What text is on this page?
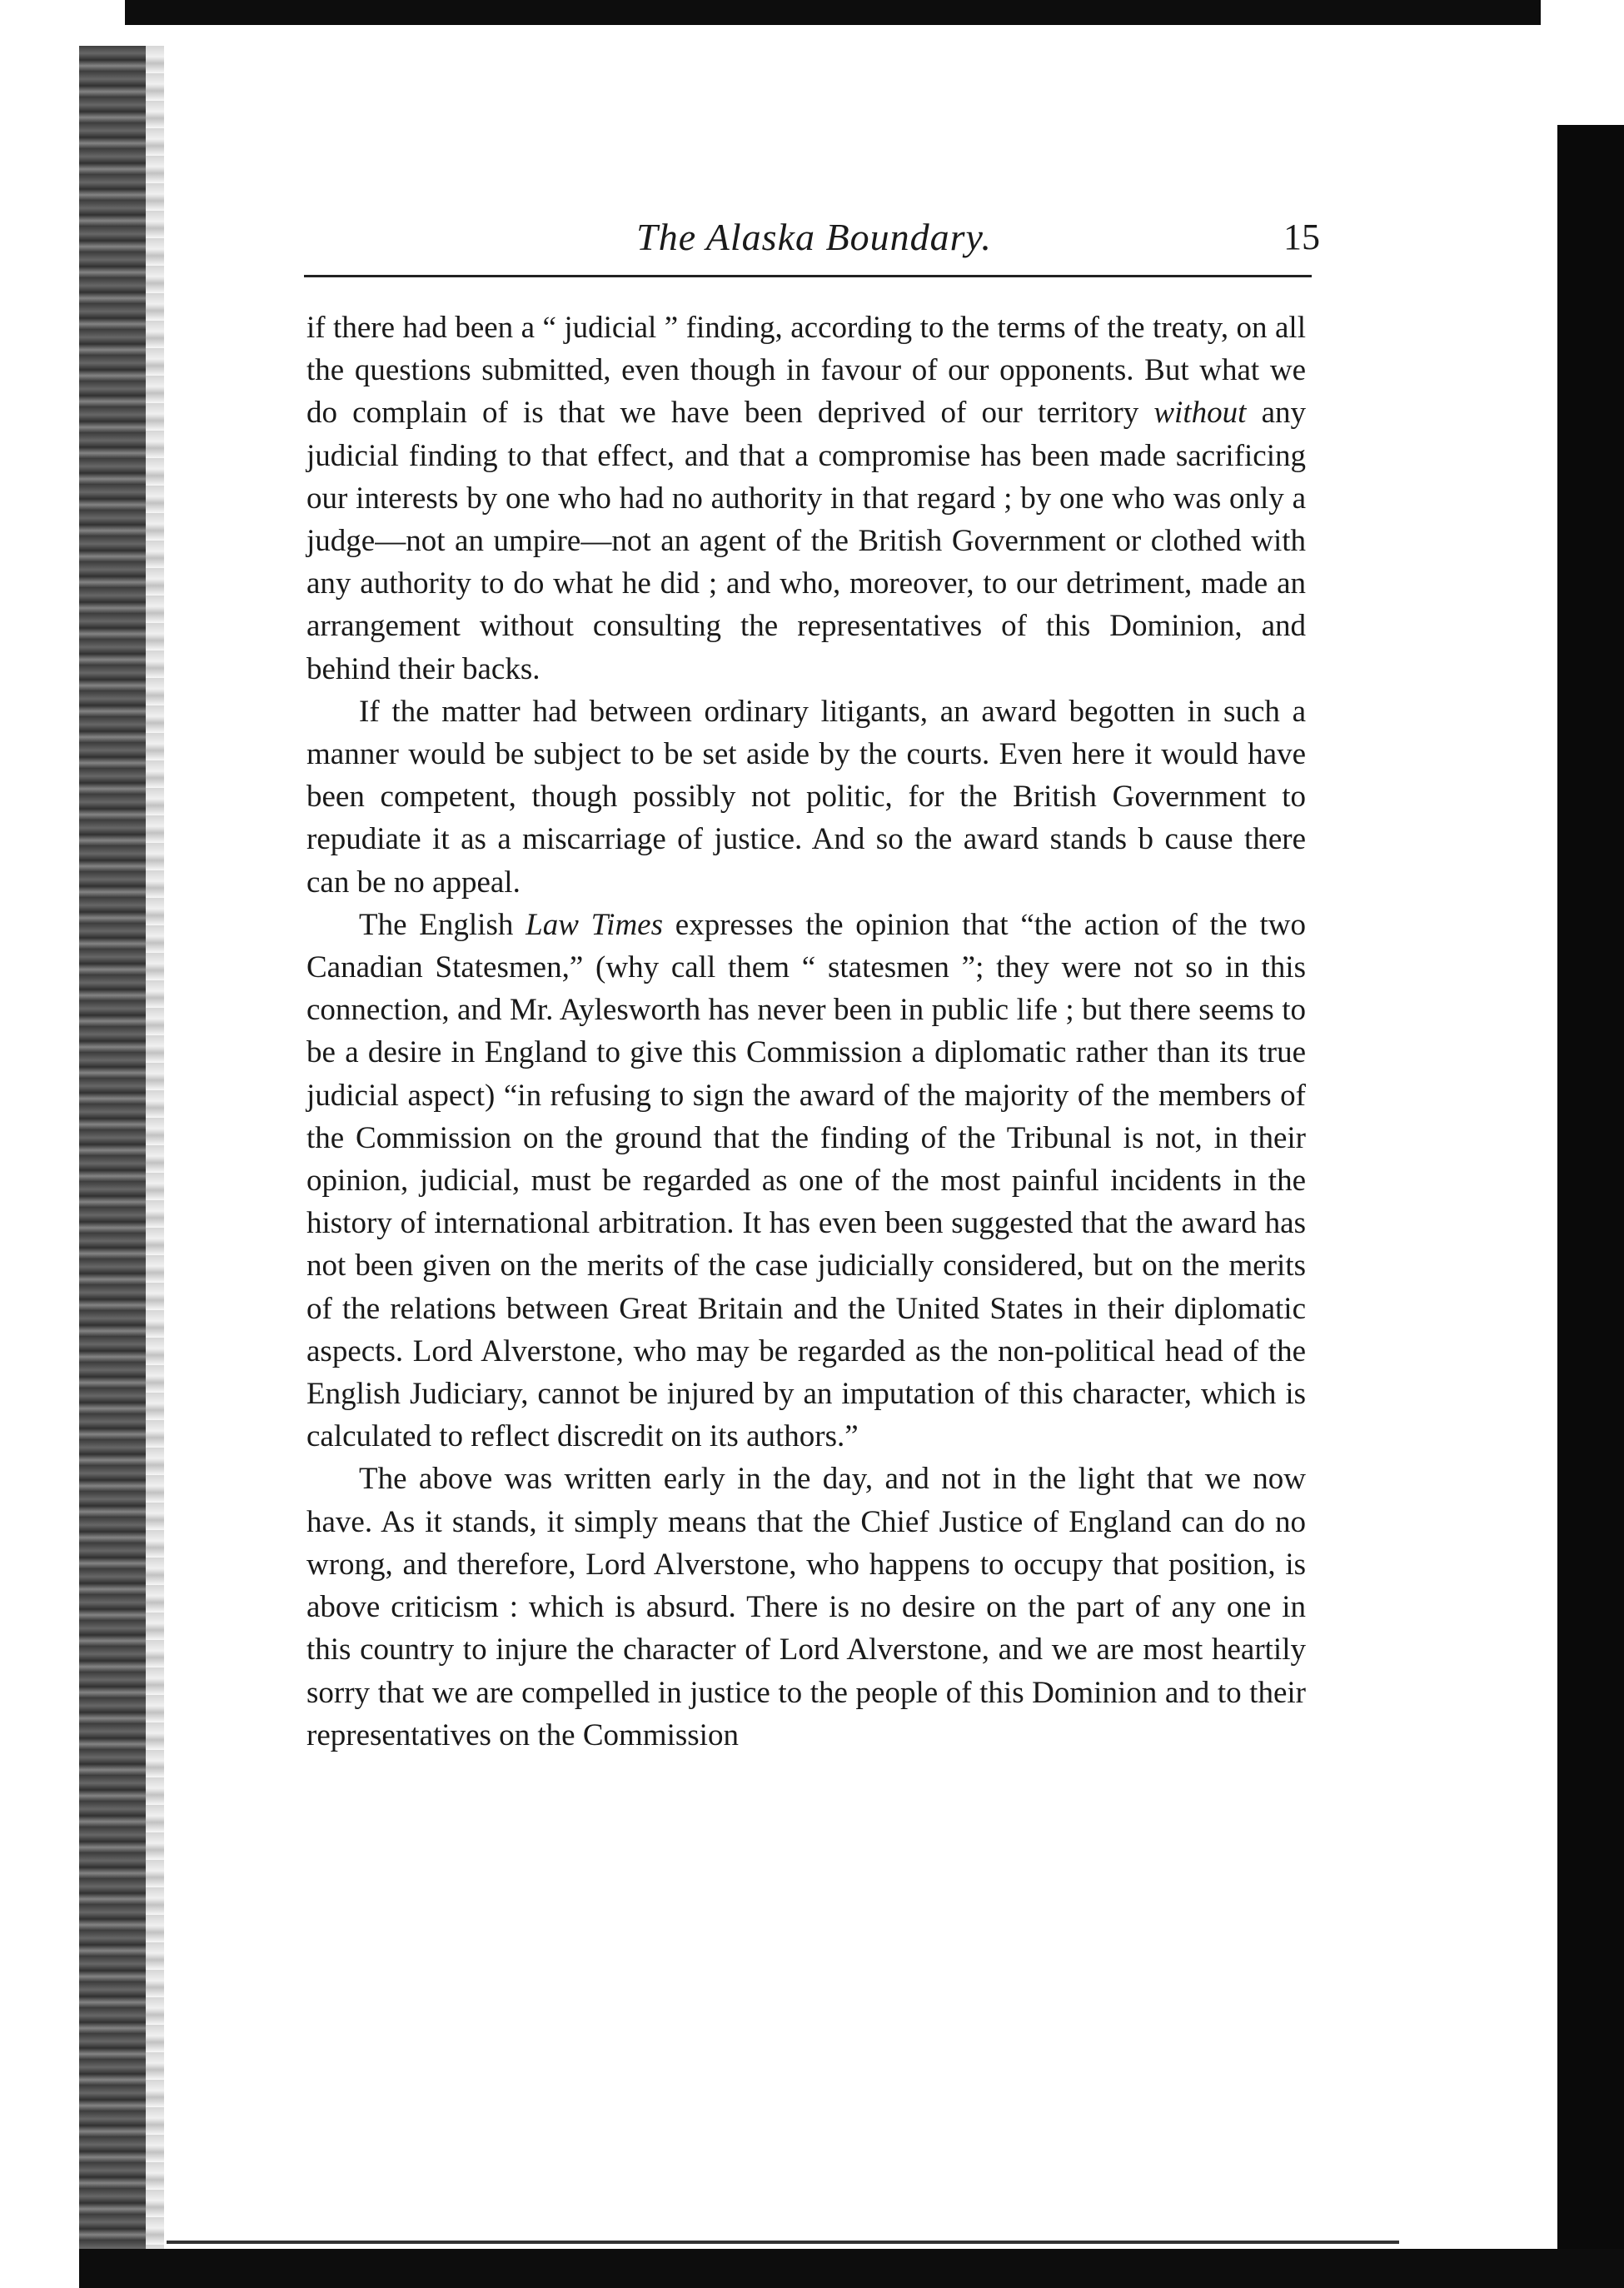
The Alaska Boundary.	15

if there had been a “ judicial ” finding, according to the terms of the treaty, on all the questions submitted, even though in favour of our opponents. But what we do complain of is that we have been deprived of our territory without any judicial finding to that effect, and that a compromise has been made sacrificing our interests by one who had no authority in that regard ; by one who was only a judge—not an umpire—not an agent of the British Government or clothed with any authority to do what he did ; and who, moreover, to our detriment, made an arrangement without consulting the representatives of this Dominion, and behind their backs.

If the matter had between ordinary litigants, an award begotten in such a manner would be subject to be set aside by the courts. Even here it would have been competent, though possibly not politic, for the British Government to repudiate it as a miscarriage of justice. And so the award stands b cause there can be no appeal.

The English Law Times expresses the opinion that “the action of the two Canadian Statesmen,” (why call them “ statesmen ”; they were not so in this connection, and Mr. Aylesworth has never been in public life ; but there seems to be a desire in England to give this Commission a diplomatic rather than its true judicial aspect) “in refusing to sign the award of the majority of the members of the Commission on the ground that the finding of the Tribunal is not, in their opinion, judicial, must be regarded as one of the most painful incidents in the history of international arbitration. It has even been suggested that the award has not been given on the merits of the case judicially considered, but on the merits of the relations between Great Britain and the United States in their diplomatic aspects. Lord Alverstone, who may be regarded as the non-political head of the English Judiciary, cannot be injured by an imputation of this character, which is calculated to reflect discredit on its authors.”

The above was written early in the day, and not in the light that we now have. As it stands, it simply means that the Chief Justice of England can do no wrong, and therefore, Lord Alverstone, who happens to occupy that position, is above criticism : which is absurd. There is no desire on the part of any one in this country to injure the character of Lord Alverstone, and we are most heartily sorry that we are compelled in justice to the people of this Dominion and to their representatives on the Commission
